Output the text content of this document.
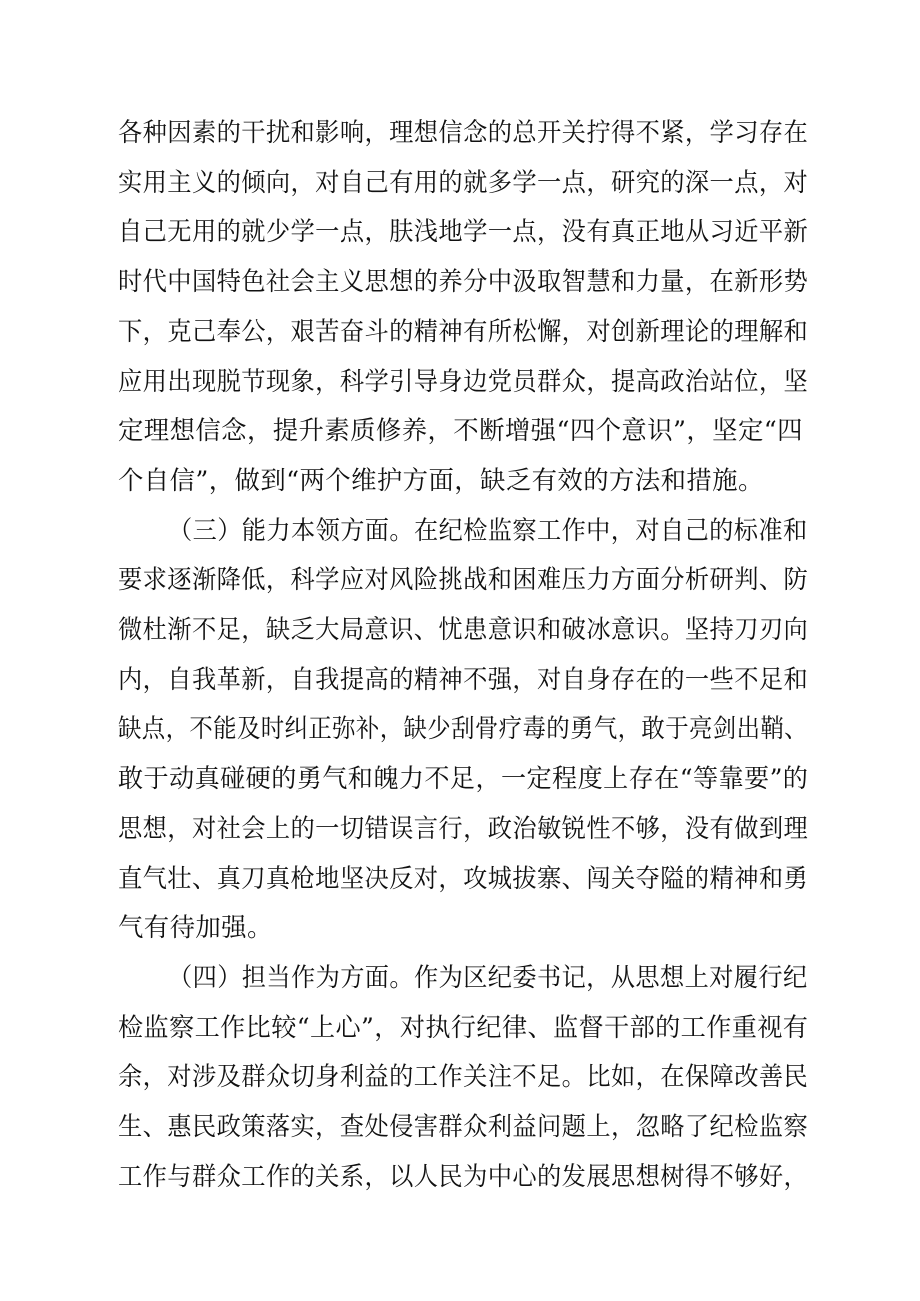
各种因素的干扰和影响，理想信念的总开关拧得不紧，学习存在
实用主义的倾向，对自己有用的就多学一点，研究的深一点，对
自己无用的就少学一点，肤浅地学一点，没有真正地从习近平新
时代中国特色社会主义思想的养分中汲取智慧和力量，在新形势
下，克己奉公，艰苦奋斗的精神有所松懈，对创新理论的理解和
应用出现脱节现象，科学引导身边党员群众，提高政治站位，坚
定理想信念，提升素质修养，不断增强“四个意识”，坚定“四
个自信”，做到“两个维护方面，缺乏有效的方法和措施。
（三）能力本领方面。在纪检监察工作中，对自己的标准和
要求逐渐降低，科学应对风险挑战和困难压力方面分析研判、防
微杜渐不足，缺乏大局意识、忧患意识和破冰意识。坚持刀刃向
内，自我革新，自我提高的精神不强，对自身存在的一些不足和
缺点，不能及时纠正弥补，缺少刮骨疗毒的勇气，敢于亮剑出鞘、
敢于动真碰硬的勇气和魄力不足，一定程度上存在“等靠要”的
思想，对社会上的一切错误言行，政治敏锐性不够，没有做到理
直气壮、真刀真枪地坚决反对，攻城拔寨、闯关夺隘的精神和勇
气有待加强。
（四）担当作为方面。作为区纪委书记，从思想上对履行纪
检监察工作比较“上心”，对执行纪律、监督干部的工作重视有
余，对涉及群众切身利益的工作关注不足。比如，在保障改善民
生、惠民政策落实，查处侵害群众利益问题上，忽略了纪检监察
工作与群众工作的关系，以人民为中心的发展思想树得不够好，
